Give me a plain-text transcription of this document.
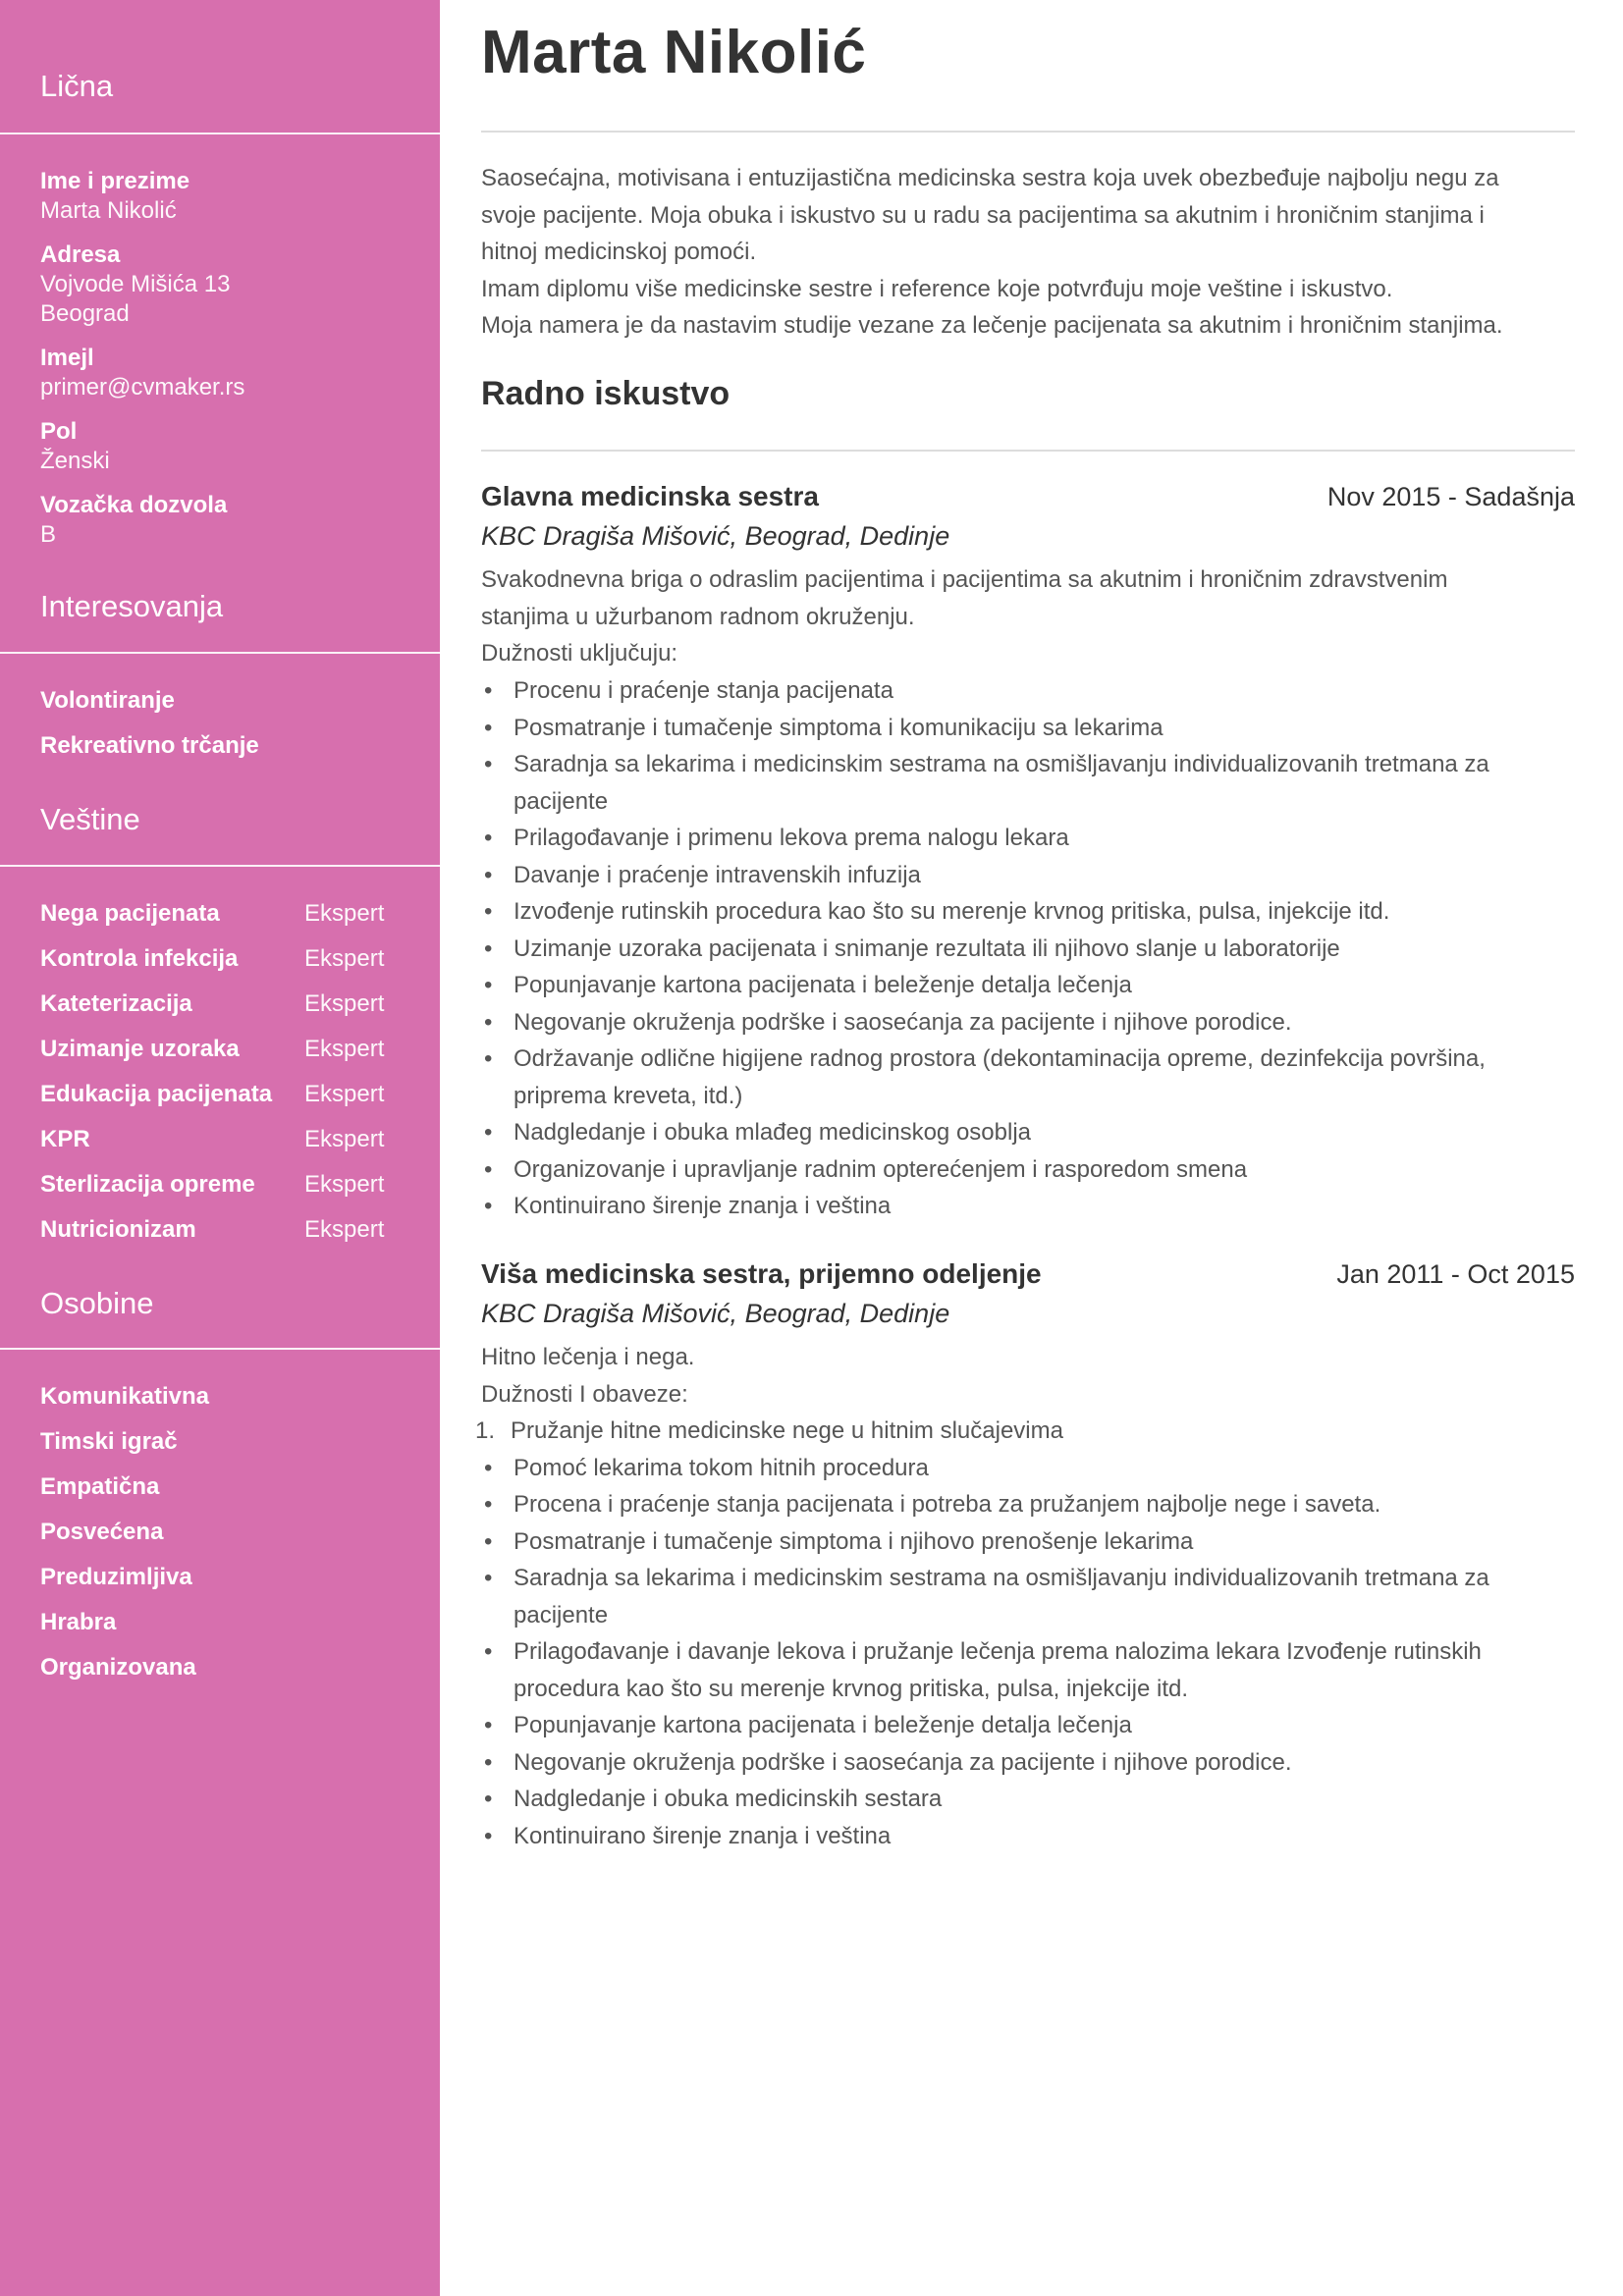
Lična
Ime i prezime
Marta Nikolić
Adresa
Vojvode Mišića 13
Beograd
Imejl
primer@cvmaker.rs
Pol
Ženski
Vozačka dozvola
B
Interesovanja
Volontiranje
Rekreativno trčanje
Veštine
Nega pacijenata	Ekspert
Kontrola infekcija	Ekspert
Kateterizacija	Ekspert
Uzimanje uzoraka	Ekspert
Edukacija pacijenata Ekspert
KPR	Ekspert
Sterlizacija opreme Ekspert
Nutricionizam	Ekspert
Osobine
Komunikativna
Timski igrač
Empatična
Posvećena
Preduzimljiva
Hrabra
Organizovana
Marta Nikolić
Saosećajna, motivisana i entuzijastična medicinska sestra koja uvek obezbeđuje najbolju negu za
svoje pacijente. Moja obuka i iskustvo su u radu sa pacijentima sa akutnim i hroničnim stanjima i
hitnoj medicinskoj pomoći.
Imam diplomu više medicinske sestre i reference koje potvrđuju moje veštine i iskustvo.
Moja namera je da nastavim studije vezane za lečenje pacijenata sa akutnim i hroničnim stanjima.
Radno iskustvo
Glavna medicinska sestra	Nov 2015 - Sadašnja
KBC Dragiša Mišović, Beograd, Dedinje
Svakodnevna briga o odraslim pacijentima i pacijentima sa akutnim i hroničnim zdravstvenim
stanjima u užurbanom radnom okruženju.
Dužnosti uključuju:
• Procenu i praćenje stanja pacijenata
• Posmatranje i tumačenje simptoma i komunikaciju sa lekarima
• Saradnja sa lekarima i medicinskim sestrama na osmišljavanju individualizovanih tretmana za pacijente
• Prilagođavanje i primenu lekova prema nalogu lekara
• Davanje i praćenje intravenskih infuzija
• Izvođenje rutinskih procedura kao što su merenje krvnog pritiska, pulsa, injekcije itd.
• Uzimanje uzoraka pacijenata i snimanje rezultata ili njihovo slanje u laboratorije
• Popunjavanje kartona pacijenata i beleženje detalja lečenja
• Negovanje okruženja podrške i saosećanja za pacijente i njihove porodice.
• Održavanje odlične higijene radnog prostora (dekontaminacija opreme, dezinfekcija površina, priprema kreveta, itd.)
• Nadgledanje i obuka mlađeg medicinskog osoblja
• Organizovanje i upravljanje radnim opterećenjem i rasporedom smena
• Kontinuirano širenje znanja i veština
Viša medicinska sestra, prijemno odeljenje	Jan 2011 - Oct 2015
KBC Dragiša Mišović, Beograd, Dedinje
Hitno lečenja i nega.
Dužnosti I obaveze:
1. Pružanje hitne medicinske nege u hitnim slučajevima
• Pomoć lekarima tokom hitnih procedura
• Procena i praćenje stanja pacijenata i potreba za pružanjem najbolje nege i saveta.
• Posmatranje i tumačenje simptoma i njihovo prenošenje lekarima
• Saradnja sa lekarima i medicinskim sestrama na osmišljavanju individualizovanih tretmana za pacijente
• Prilagođavanje i davanje lekova i pružanje lečenja prema nalozima lekara Izvođenje rutinskih procedura kao što su merenje krvnog pritiska, pulsa, injekcije itd.
• Popunjavanje kartona pacijenata i beleženje detalja lečenja
• Negovanje okruženja podrške i saosećanja za pacijente i njihove porodice.
• Nadgledanje i obuka medicinskih sestara
• Kontinuirano širenje znanja i veština
